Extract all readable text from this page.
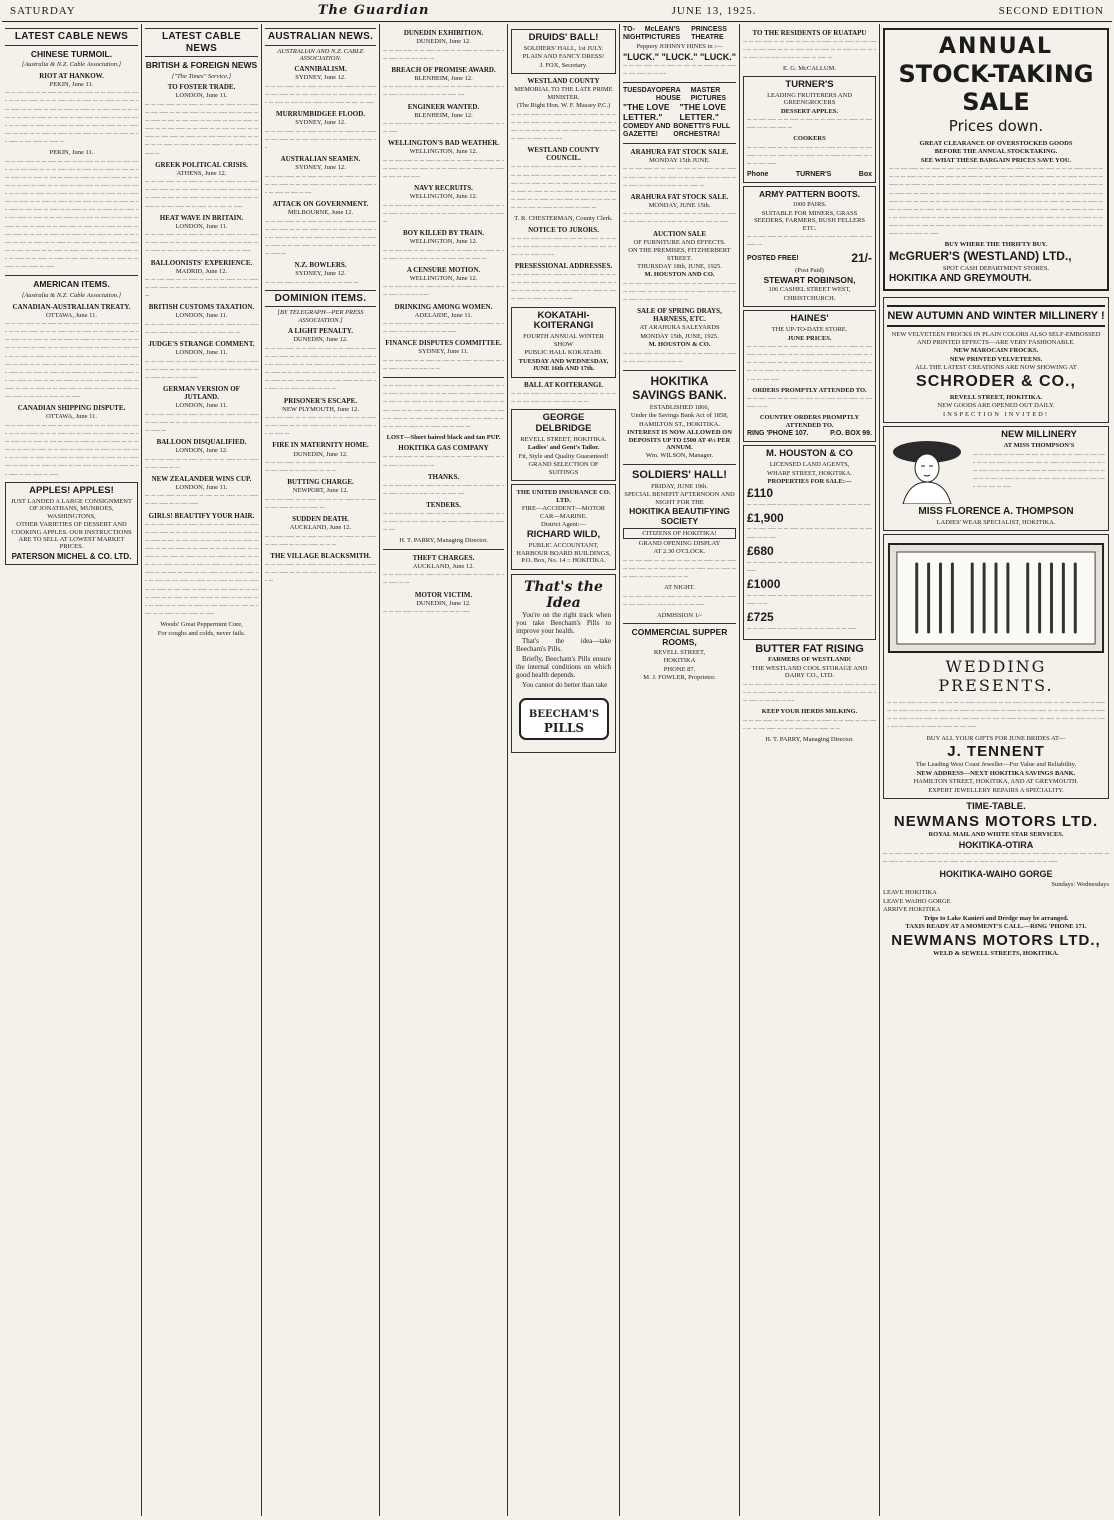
SATURDAY	The Guardian	JUNE 13, 1925.	SECOND EDITION
LATEST CABLE NEWS
CHINESE TURMOIL.
[Australia & N.Z. Cable Association.]
RIOT AT HANKOW.
PEKIN, June 11.
-- -- --- ---- -- -- ---- -- --- -- -- ---- -- -- ---- -- --- ---- -- -- --- ---- -- -- -- ---- --- -- ---- -- -- ---- -- --- -- --- ---- -- -- ---- -- --- -- ---- -- ---- -- -- --- ---- -- -- ---- -- -- --- -- ---- -- -- ---- -- --- ---- -- ---- -- -- --- ---- -- -- --- -- ---- -- -- ---- -- ---- -- --- -- ---- -- -- ---- --- -- ---- -- -- ---- -- ---- -- --- ---- -- -- --- -- ---- -- -- ---- -- --- ---- -- ---- --
PEKIN, June 11.
-- -- --- ---- -- -- ---- -- --- -- -- ---- -- -- ---- -- --- ---- -- -- --- ---- -- -- -- ---- --- -- ---- -- -- ---- -- --- -- --- ---- -- -- ---- -- --- -- ---- -- ---- -- -- --- ---- -- -- ---- -- -- --- -- ---- -- -- ---- -- --- ---- -- ---- -- -- --- ---- -- -- --- -- ---- -- -- ---- -- ---- -- --- -- ---- -- -- ---- --- -- ---- -- -- ---- -- ---- -- --- ---- -- -- --- -- ---- -- -- ---- -- --- ---- -- ---- -- -- ---- -- --- -- ---- -- -- ---- -- --- ---- -- ---- -- -- --- ---- -- -- --- -- ---- -- -- ---- -- ---- -- --- -- ---- -- -- ---- --- -- ---- -- -- ---- -- ---- -- --- ---- -- -- --- -- ---- -- -- ---- -- --- ---- -- ---- -- -- ---- -- --- -- ---- -- -- ---- -- --- ---- -- ---- -- -- --- ---- -- -- --- -- ---- -- -- ---- -- ---- -- --- -- ---- -- -- ---- --- -- ---- -- -- ---- -- ---- -- --- ---- -- -- --- -- ---- -- -- ---- -- --- ---- -- ----
AMERICAN ITEMS.
[Australia & N.Z. Cable Association.]
CANADIAN-AUSTRALIAN TREATY.
OTTAWA, June 11.
-- -- --- ---- -- -- ---- -- --- -- -- ---- -- -- ---- -- --- ---- -- -- --- ---- -- -- -- ---- --- -- ---- -- -- ---- -- --- -- --- ---- -- -- ---- -- --- -- ---- -- ---- -- -- --- ---- -- -- ---- -- -- --- -- ---- -- -- ---- -- --- ---- -- ---- -- -- --- ---- -- -- --- -- ---- -- -- ---- -- ---- -- --- -- ---- -- -- ---- --- -- ---- -- -- ---- -- ---- -- --- ---- -- -- --- -- ---- -- -- ---- -- --- ---- -- ---- -- -- ---- -- --- -- ---- -- -- ---- -- --- ---- -- ---- -- -- --- ---- -- -- --- -- ---- -- -- ---- -- ---- -- --- -- ---- -- -- ---- --- -- ---- -- -- ---- -- ---- -- --- ---- -- -- --- -- ---- -- -- ----
CANADIAN SHIPPING DISPUTE.
OTTAWA, June 11.
-- -- --- ---- -- -- ---- -- --- -- -- ---- -- -- ---- -- --- ---- -- -- --- ---- -- -- -- ---- --- -- ---- -- -- ---- -- --- -- --- ---- -- -- ---- -- --- -- ---- -- ---- -- -- --- ---- -- -- ---- -- -- --- -- ---- -- -- ---- -- --- ---- -- ---- -- -- --- ---- -- -- --- -- ---- -- -- ---- -- ---- -- --- -- ---- -- -- ---- --- -- ---- -- -- ---- -- ---- -- --- ---- -- -- --- -- ---- -- -- ---- -- --- ---- -- ----
APPLES! APPLES!
JUST LANDED A LARGE CONSIGNMENT OF JONATHANS, MUNROES, WASHINGTONS,
OTHER VARIETIES OF DESSERT AND COOKING APPLES. OUR INSTRUCTIONS ARE TO SELL AT LOWEST MARKET PRICES.
PATERSON MICHEL & CO. LTD.
LATEST CABLE NEWS
BRITISH & FOREIGN NEWS
["The Times" Service.]
TO FOSTER TRADE.
LONDON, June 11.
-- -- --- ---- -- -- ---- -- --- -- -- ---- -- -- ---- -- --- ---- -- -- --- ---- -- -- -- ---- --- -- ---- -- -- ---- -- --- -- --- ---- -- -- ---- -- --- -- ---- -- ---- -- -- --- ---- -- -- ---- -- -- --- -- ---- -- -- ---- -- --- ---- -- ---- -- -- --- ---- -- -- --- -- ---- -- -- ---- -- ---- -- --- -- ---- -- -- ---- --- -- ---- --
GREEK POLITICAL CRISIS.
ATHENS, June 12.
-- -- --- ---- -- -- ---- -- --- -- -- ---- -- -- ---- -- --- ---- -- -- --- ---- -- -- -- ---- --- -- ---- -- -- ---- -- --- -- --- ---- -- -- ---- -- --- -- ---- -- ---- -- -- --- ---- -- -- ---- -- -- --- -- ----
HEAT WAVE IN BRITAIN.
LONDON, June 11.
-- -- --- ---- -- -- ---- -- --- -- -- ---- -- -- ---- -- --- ---- -- -- --- ---- -- -- -- ---- --- -- ---- -- -- ---- -- --- -- --- ---- -- -- ---- -- --- -- ----
BALLOONISTS' EXPERIENCE.
MADRID, June 12.
-- -- --- ---- -- -- ---- -- --- -- -- ---- -- -- ---- -- --- ---- -- -- --- ---- -- -- -- ---- --- -- ---- -- --
BRITISH CUSTOMS TAXATION.
LONDON, June 11.
-- -- --- ---- -- -- ---- -- --- -- -- ---- -- -- ---- -- --- ---- -- -- --- ---- -- -- -- ---- --- --
JUDGE'S STRANGE COMMENT.
LONDON, June 11.
-- -- --- ---- -- -- ---- -- --- -- -- ---- -- -- ---- -- --- ---- -- -- --- ---- -- -- -- ---- --- -- ---- -- -- ---- -- --- -- --- ----
GERMAN VERSION OF JUTLAND.
LONDON, June 11.
-- -- --- ---- -- -- ---- -- --- -- -- ---- -- -- ---- -- --- ---- -- -- --- ---- -- -- -- ---- --- -- ---- -- -- ---- --
BALLOON DISQUALIFIED.
LONDON, June 12.
-- -- --- ---- -- -- ---- -- --- -- -- ---- -- -- ---- -- --- ---- -- --
NEW ZEALANDER WINS CUP.
LONDON, June 11.
-- -- --- ---- -- -- ---- -- --- -- -- ---- -- -- ---- -- --- ---- -- -- --- ----
GIRLS! BEAUTIFY YOUR HAIR.
-- -- --- ---- -- -- ---- -- --- -- -- ---- -- -- ---- -- --- ---- -- -- --- ---- -- -- -- ---- --- -- ---- -- -- ---- -- --- -- --- ---- -- -- ---- -- --- -- ---- -- ---- -- -- --- ---- -- -- ---- -- -- --- -- ---- -- -- ---- -- --- ---- -- ---- -- -- --- ---- -- -- --- -- ---- -- -- ---- -- ---- -- --- -- ---- -- -- ---- --- -- ---- -- -- ---- -- ---- -- --- ---- -- -- --- -- ---- -- -- ---- -- --- ---- -- ---- -- -- ---- -- --- -- ---- -- -- ---- -- --- ---- -- ---- -- -- --- ---- -- -- --- -- ---- -- -- ---- -- ---- -- --- -- ---- -- -- ---- --- -- ---- -- -- ---- -- ---- -- --- ---- -- -- --- -- ---- -- -- ---- -- --- ---- -- ----
Woods' Great Peppermint Cure,
For coughs and colds, never fails.
AUSTRALIAN NEWS.
AUSTRALIAN AND N.Z. CABLE ASSOCIATION.
CANNIBALISM.
SYDNEY, June 12.
-- -- --- ---- -- -- ---- -- --- -- -- ---- -- -- ---- -- --- ---- -- -- --- ---- -- -- -- ---- --- -- ---- -- -- ---- -- --- -- --- ---- -- -- ---- -- --- -- ----
MURRUMBIDGEE FLOOD.
SYDNEY, June 12.
-- -- --- ---- -- -- ---- -- --- -- -- ---- -- -- ---- -- --- ---- -- -- --- ---- -- -- -- ---- --- -- ---- --
AUSTRALIAN SEAMEN.
SYDNEY, June 12.
-- -- --- ---- -- -- ---- -- --- -- -- ---- -- -- ---- -- --- ---- -- -- --- ---- -- -- -- ---- --- -- ---- -- -- ---- -- --- -- ---
ATTACK ON GOVERNMENT.
MELBOURNE, June 12.
-- -- --- ---- -- -- ---- -- --- -- -- ---- -- -- ---- -- --- ---- -- -- --- ---- -- -- -- ---- --- -- ---- -- -- ---- -- --- -- --- ---- -- -- ---- -- --- -- ---- -- ---- -- -- --- ---- -- -- ---- -- -- --- -- ---- -- -- ---- --
N.Z. BOWLERS.
SYDNEY, June 12.
-- -- --- ---- -- -- ---- -- --- -- -- ---- --
DOMINION ITEMS.
[BY TELEGRAPH—PER PRESS ASSOCIATION.]
A LIGHT PENALTY.
DUNEDIN, June 12.
-- -- --- ---- -- -- ---- -- --- -- -- ---- -- -- ---- -- --- ---- -- -- --- ---- -- -- -- ---- --- -- ---- -- -- ---- -- --- -- --- ---- -- -- ---- -- --- -- ---- -- ---- -- -- --- ---- -- -- ---- -- -- --- -- ---- -- -- ---- -- --- ---- -- ---- -- -- --- ---- -- -- --- -- ---- -- -- ---- -- ---- -- --- --
PRISONER'S ESCAPE.
NEW PLYMOUTH, June 12.
-- -- --- ---- -- -- ---- -- --- -- -- ---- -- -- ---- -- --- ---- -- -- --- ---- -- -- -- ---- --- -- ---- -- -- ---- --
FIRE IN MATERNITY HOME.
DUNEDIN, June 12.
-- -- --- ---- -- -- ---- -- --- -- -- ---- -- -- ---- -- --- ---- -- -- --- ---- -- -- --
BUTTING CHARGE.
NEWPORT, June 12.
-- -- --- ---- -- -- ---- -- --- -- -- ---- -- -- ---- -- --- ---- -- -- --- ---- --
SUDDEN DEATH.
AUCKLAND, June 12.
-- -- --- ---- -- -- ---- -- --- -- -- ---- -- -- ---- -- --- ---- -- -- --- ---- -- -- --
THE VILLAGE BLACKSMITH.
-- -- --- ---- -- -- ---- -- --- -- -- ---- -- -- ---- -- --- ---- -- -- --- ---- -- -- -- ---- --- -- ---- -- --
DUNEDIN EXHIBITION.
DUNEDIN, June 12.
-- -- --- ---- -- -- ---- -- --- -- -- ---- -- -- ---- -- --- ---- -- -- --- ---- --
BREACH OF PROMISE AWARD.
BLENHEIM, June 12.
-- -- --- ---- -- -- ---- -- --- -- -- ---- -- -- ---- -- --- ---- -- -- --- ---- -- -- -- ---- ---
ENGINEER WANTED.
BLENHEIM, June 12.
-- -- --- ---- -- -- ---- -- --- -- -- ---- -- -- ---- -- --- ----
WELLINGTON'S BAD WEATHER.
WELLINGTON, June 12.
-- -- --- ---- -- -- ---- -- --- -- -- ---- -- -- ---- -- --- ---- -- -- --- ---- -- -- -- ---- --- -- ---- -- -- ---- -- --- -- --- ----
NAVY RECRUITS.
WELLINGTON, June 12.
-- -- --- ---- -- -- ---- -- --- -- -- ---- -- -- ---- -- --- ---- -- -- --- ---- -- -- -- ---- --- -- ---- -- -- ---- --
BOY KILLED BY TRAIN.
WELLINGTON, June 12.
-- -- --- ---- -- -- ---- -- --- -- -- ---- -- -- ---- -- --- ---- -- -- --- ---- -- -- -- ---- --- -- ---- --
A CENSURE MOTION.
WELLINGTON, June 12.
-- -- --- ---- -- -- ---- -- --- -- -- ---- -- -- ---- -- --- ---- -- -- --- ----
DRINKING AMONG WOMEN.
ADELAIDE, June 11.
-- -- --- ---- -- -- ---- -- --- -- -- ---- -- -- ---- -- --- ---- -- -- --- ---- -- -- -- ----
FINANCE DISPUTES COMMITTEE.
SYDNEY, June 11.
-- -- --- ---- -- -- ---- -- --- -- -- ---- -- -- ---- -- --- ---- -- -- --- ---- -- --
-- -- --- ---- -- -- ---- -- --- -- -- ---- -- -- ---- -- --- ---- -- -- --- ---- -- -- -- ---- --- -- ---- -- -- ---- -- --- -- --- ---- -- -- ---- -- --- -- ---- -- ---- -- -- --- ---- -- -- ---- -- -- --- -- ---- -- -- ---- -- --- ---- -- ---- -- -- --- ---- -- -- --- -- ---- -- -- ---- -- ---- -- --- -- ---- -- -- ---- --- -- ---- --
LOST—Short haired black and tan PUP.
HOKITIKA GAS COMPANY
-- -- --- ---- -- -- ---- -- --- -- -- ---- -- -- ---- -- --- ---- -- -- --- ---- --
THANKS.
-- -- --- ---- -- -- ---- -- --- -- -- ---- -- -- ---- -- --- ---- -- -- --- ---- -- -- -- ---- ---
TENDERS.
-- -- --- ---- -- -- ---- -- --- -- -- ---- -- -- ---- -- --- ---- -- -- --- ---- -- -- -- ---- --- -- ---- -- -- ---- -- ---
H. T. PARRY, Managing Director.
THEFT CHARGES.
AUCKLAND, June 12.
-- -- --- ---- -- -- ---- -- --- -- -- ---- -- -- ---- -- --- ---- -- --
MOTOR VICTIM.
DUNEDIN, June 12.
-- -- --- ---- -- -- ---- -- --- -- -- ----
DRUIDS' BALL!
SOLDIERS' HALL, 1st JULY.
PLAIN AND FANCY DRESS!
J. FOX, Secretary.
WESTLAND COUNTY
MEMORIAL TO THE LATE PRIME MINISTER.
(The Right Hon. W. F. Massey P.C.)
-- -- --- ---- -- -- ---- -- --- -- -- ---- -- -- ---- -- --- ---- -- -- --- ---- -- -- -- ---- --- -- ---- -- -- ---- -- --- -- --- ---- -- -- ---- -- --- -- ---- -- ---- -- -- ---
WESTLAND COUNTY COUNCIL.
-- -- --- ---- -- -- ---- -- --- -- -- ---- -- -- ---- -- --- ---- -- -- --- ---- -- -- -- ---- --- -- ---- -- -- ---- -- --- -- --- ---- -- -- ---- -- --- -- ---- -- ---- -- -- --- ---- -- -- ---- -- -- --- -- ---- -- -- ---- -- --- ---- -- ---- -- -- --- ---- -- -- --- -- ---- -- -- ---- -- ---- --
T. R. CHESTERMAN, County Clerk.
NOTICE TO JURORS.
-- -- --- ---- -- -- ---- -- --- -- -- ---- -- -- ---- -- --- ---- -- -- --- ---- -- -- -- ---- --- -- ---- -- -- ---- -- ---
PRESESSIONAL ADDRESSES.
-- -- --- ---- -- -- ---- -- --- -- -- ---- -- -- ---- -- --- ---- -- -- --- ---- -- -- -- ---- --- -- ---- -- -- ---- -- --- -- --- ---- -- -- ---- -- --- -- ---- -- ---- -- -- --- ----
KOKATAHI-KOITERANGI
FOURTH ANNUAL WINTER SHOW
PUBLIC HALL KOKATAHI.
TUESDAY AND WEDNESDAY, JUNE 16th AND 17th.
BALL AT KOITERANGI.
-- -- --- ---- -- -- ---- -- --- -- -- ---- -- -- ---- -- --- ---- -- -- --- ---- -- -- --
GEORGE DELBRIDGE
REVELL STREET, HOKITIKA.
Ladies' and Gent's Tailor.
Fit, Style and Quality Guaranteed!
GRAND SELECTION OF SUITINGS
THE UNITED INSURANCE CO. LTD.
FIRE—ACCIDENT—MOTOR CAR—MARINE.
District Agent:—
RICHARD WILD,
PUBLIC ACCOUNTANT,
HARBOUR BOARD BUILDINGS, P.O. Box, No. 14 :: HOKITIKA.
That's the Idea

You're on the right track when you take Beecham's Pills to improve your health.

That's the idea—take Beecham's Pills.

Briefly, Beecham's Pills ensure the internal conditions on which good health depends.

You cannot do better than take

BEECHAM'S
PILLS
TO-NIGHT
McLEAN'S PICTURES
PRINCESS THEATRE
Peppery JOHNNY HINES in :—
"LUCK." "LUCK." "LUCK."
-- -- --- ---- -- -- ---- -- --- -- -- ---- -- -- ---- -- --- ---- -- -- ---
TUESDAY OPERA HOUSE
MASTER PICTURES
"THE LOVE LETTER."
"THE LOVE LETTER."
COMEDY AND GAZETTE!
BONETTI'S FULL ORCHESTRA!
ARAHURA FAT STOCK SALE.
MONDAY 15th JUNE.
-- -- --- ---- -- -- ---- -- --- -- -- ---- -- -- ---- -- --- ---- -- -- --- ---- -- -- -- ---- --- -- ---- -- -- ---- -- --- -- --- ---- -- -- ---- --
ARAHURA FAT STOCK SALE.
MONDAY, JUNE 15th.
-- -- --- ---- -- -- ---- -- --- -- -- ---- -- -- ---- -- --- ---- -- -- --- ---- -- -- -- ---- --- -- ----
AUCTION SALE
OF FURNITURE AND EFFECTS.
ON THE PREMISES, FITZHERBERT STREET.
THURSDAY 18th, JUNE, 1925.
M. HOUSTON AND CO.
-- -- --- ---- -- -- ---- -- --- -- -- ---- -- -- ---- -- --- ---- -- -- --- ---- -- -- -- ---- --- -- ---- -- -- ---- -- --- -- --- ---- -- --
SALE OF SPRING DRAYS, HARNESS, ETC.
AT ARAHURA SALEYARDS
MONDAY 15th, JUNE, 1925.
M. HOUSTON & CO.
-- -- --- ---- -- -- ---- -- --- -- -- ---- -- -- ---- -- --- ---- -- -- --- ---- --
HOKITIKA SAVINGS BANK.
ESTABLISHED 1866,
Under the Savings Bank Act of 1858,
HAMILTON ST., HOKITIKA.
INTEREST IS NOW ALLOWED ON DEPOSITS UP TO £500 AT 4½ PER ANNUM.
Wm. WILSON, Manager.
SOLDIERS' HALL!
FRIDAY, JUNE 19th.
SPECIAL BENEFIT AFTERNOON AND NIGHT FOR THE
HOKITIKA BEAUTIFYING SOCIETY
CITIZENS OF HOKITIKA!
GRAND OPENING DISPLAY
AT 2.30 O'CLOCK.
-- -- --- ---- -- -- ---- -- --- -- -- ---- -- -- ---- -- --- ---- -- -- --- ---- -- -- -- ---- --- -- ---- -- -- ---- -- --- -- --- ---- -- --
AT NIGHT.
-- -- --- ---- -- -- ---- -- --- -- -- ---- -- -- ---- -- --- ---- -- -- --- ---- -- -- -- ----
ADMISSION 1/-
COMMERCIAL SUPPER ROOMS,
REVELL STREET,
HOKITIKA
PHONE 87.
M. J. FOWLER, Proprietor.
TO THE RESIDENTS OF RUATAPU
-- -- --- ---- -- -- ---- -- --- -- -- ---- -- -- ---- -- --- ---- -- -- --- ---- -- -- -- ---- --- -- ---- -- -- ---- -- --- -- --- ---- -- -- ---- -- --- -- ---- -- ---- --
E. G. McCALLUM.
TURNER'S
LEADING FRUITERERS AND GREENGROCERS
DESSERT APPLES.
-- -- --- ---- -- -- ---- -- --- -- -- ---- -- -- ---- -- --- ---- -- -- --- ---- --
COOKERS
-- -- --- ---- -- -- ---- -- --- -- -- ---- -- -- ---- -- --- ---- -- -- --- ---- -- -- -- ---- --- -- ---- -- -- ---- -- --- -- --- ----
Phone	TURNER'S	Box
ARMY PATTERN BOOTS.
1000 PAIRS.
SUITABLE FOR MINERS, GRASS SEEDERS, FARMERS, BUSH FELLERS ETC.
-- -- --- ---- -- -- ---- -- --- -- -- ---- -- -- ---- -- --- ---- --
POSTED FREE!	21/-
(Post Paid)
STEWART ROBINSON,
106 CASHEL STREET WEST,
CHRISTCHURCH.
HAINES'
THE UP-TO-DATE STORE.
JUNE PRICES.
-- -- --- ---- -- -- ---- -- --- -- -- ---- -- -- ---- -- --- ---- -- -- --- ---- -- -- -- ---- --- -- ---- -- -- ---- -- --- -- --- ---- -- -- ---- -- --- -- ---- -- ---- -- -- --- ---- -- -- ---- -- -- --- -- ---- -- -- ---- -- --- ---- -- ---- -- -- --- ----
ORDERS PROMPTLY ATTENDED TO.
-- -- --- ---- -- -- ---- -- --- -- -- ---- -- -- ---- -- --- ---- -- --
COUNTRY ORDERS PROMPTLY ATTENDED TO.
RING 'PHONE 107.	P.O. BOX 99.
M. HOUSTON & CO
LICENSED LAND AGENTS,
WHARF STREET, HOKITIKA.
PROPERTIES FOR SALE:—
£110
-- -- --- ---- -- -- ---- -- --- -- -- ---- -- -- ---- -- ---
£1,900
-- -- --- ---- -- -- ---- -- --- -- -- ---- -- -- ---- -- --- ---- -- -- ---
£680
-- -- --- ---- -- -- ---- -- --- -- -- ---- -- -- ---- -- --- ----
£1000
-- -- --- ---- -- -- ---- -- --- -- -- ---- -- -- ---- -- --- ---- -- --
£725
-- -- --- ---- -- -- ---- -- --- -- -- ---- -- -- ----
BUTTER FAT RISING
FARMERS OF WESTLAND!
THE WESTLAND COOL STORAGE AND DAIRY CO., LTD.
-- -- --- ---- -- -- ---- -- --- -- -- ---- -- -- ---- -- --- ---- -- -- --- ---- -- -- -- ---- --- -- ---- -- -- ---- -- --- -- --- ---- -- -- ---- -- ---
KEEP YOUR HERDS MILKING.
-- -- --- ---- -- -- ---- -- --- -- -- ---- -- -- ---- -- --- ---- -- -- --- ---- -- -- -- ---- --- -- ---- -- --
H. T. PARRY, Managing Director.
ANNUAL
STOCK-TAKING SALE
Prices down.
GREAT CLEARANCE OF OVERSTOCKED GOODS
BEFORE THE ANNUAL STOCKTAKING.
SEE WHAT THESE BARGAIN PRICES SAVE YOU.
-- -- --- ---- -- -- ---- -- --- -- -- ---- -- -- ---- -- --- ---- -- -- --- ---- -- -- -- ---- --- -- ---- -- -- ---- -- --- -- --- ---- -- -- ---- -- --- -- ---- -- ---- -- -- --- ---- -- -- ---- -- -- --- -- ---- -- -- ---- -- --- ---- -- ---- -- -- --- ---- -- -- --- -- ---- -- -- ---- -- ---- -- --- -- ---- -- -- ---- --- -- ---- -- -- ---- -- ---- -- --- ---- -- -- --- -- ---- -- -- ---- -- --- ---- -- ---- -- -- ---- -- --- -- ---- -- -- ---- -- --- ---- -- ---- -- -- --- ---- -- -- --- -- ---- -- -- ---- -- ---- -- --- -- ---- -- -- ---- --- -- ---- -- -- ---- -- ---- -- --- ---- -- -- --- -- ---- -- -- ---- -- --- ---- -- ---- -- -- ---- -- --- -- ---- -- -- ---- -- --- ---- -- ---- -- -- --- ---- -- -- --- -- ---- -- -- ---- -- ---- -- --- -- ---- -- -- ---- --- -- ---- -- -- ---- -- ---- -- --- ---- -- -- --- -- ---- -- -- ---- -- --- ---- -- ----
BUY WHERE THE THRIFTY BUY.
McGRUER'S (WESTLAND) LTD.,
SPOT CASH DEPARTMENT STORES.
HOKITIKA AND GREYMOUTH.
NEW AUTUMN AND WINTER MILLINERY !
NEW VELVETEEN FROCKS IN PLAIN COLORS ALSO SELF-EMBOSSED AND PRINTED EFFECTS—ARE VERY FASHIONABLE.
NEW MAROCAIN FROCKS.
NEW PRINTED VELVETEENS.
ALL THE LATEST CREATIONS ARE NOW SHOWING AT
SCHRODER & CO.,
REVELL STREET, HOKITIKA.
NEW GOODS ARE OPENED OUT DAILY.
INSPECTION INVITED!
NEW MILLINERY
AT MISS THOMPSON'S
-- -- --- ---- -- -- ---- -- --- -- -- ---- -- -- ---- -- --- ---- -- -- --- ---- -- -- -- ---- --- -- ---- -- -- ---- -- --- -- --- ---- -- -- ---- -- --- -- ---- -- ---- -- -- --- ---- -- -- ---- -- -- --- -- ---- -- -- ---- -- --- ---- -- ---- -- -- --- ---- -- -- --- -- ----
MISS FLORENCE A. THOMPSON
LADIES' WEAR SPECIALIST, HOKITIKA.
WEDDING PRESENTS.
-- -- --- ---- -- -- ---- -- --- -- -- ---- -- -- ---- -- --- ---- -- -- --- ---- -- -- -- ---- --- -- ---- -- -- ---- -- --- -- --- ---- -- -- ---- -- --- -- ---- -- ---- -- -- --- ---- -- -- ---- -- -- --- -- ---- -- -- ---- -- --- ---- -- ---- -- -- --- ---- -- -- --- -- ---- -- -- ---- -- ---- -- --- -- ---- -- -- ---- --- -- ---- -- -- ---- -- ---- -- --- ----
BUY ALL YOUR GIFTS FOR JUNE BRIDES AT—
J. TENNENT
The Leading West Coast Jeweller—For Value and Reliability.
NEW ADDRESS—NEXT HOKITIKA SAVINGS BANK.
HAMILTON STREET, HOKITIKA, AND AT GREYMOUTH.
EXPERT JEWELLERY REPAIRS A SPECIALITY.
TIME-TABLE.
NEWMANS MOTORS LTD.
ROYAL MAIL AND WHITE STAR SERVICES.
HOKITIKA-OTIRA
-- -- --- ---- -- -- ---- -- --- -- -- ---- -- -- ---- -- --- ---- -- -- --- ---- -- -- -- ---- --- -- ---- -- -- ---- -- --- -- --- ---- -- -- ---- -- --- -- ---- -- ---- -- -- --- ---- -- -- ----
HOKITIKA-WAIHO GORGE
Sundays: Wednesdays
LEAVE HOKITIKA
LEAVE WAIHO GORGE
ARRIVE HOKITIKA
Trips to Lake Kanieri and Dredge may be arranged.
TAXIS READY AT A MOMENT'S CALL.—RING 'PHONE 171.
NEWMANS MOTORS LTD.,
WELD & SEWELL STREETS, HOKITIKA.
